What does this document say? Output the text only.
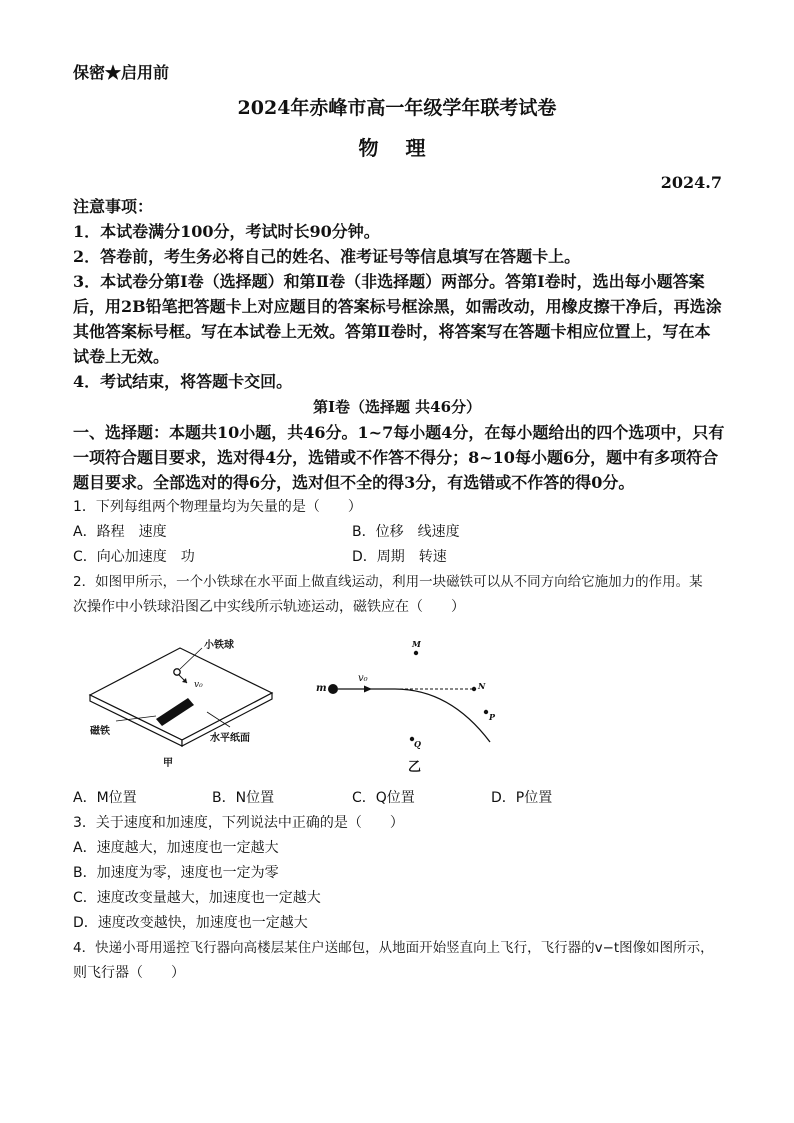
保密★启用前
2024年赤峰市高一年级学年联考试卷
物 理
2024.7
注意事项：
1．本试卷满分100分，考试时长90分钟。
2．答卷前，考生务必将自己的姓名、准考证号等信息填写在答题卡上。
3．本试卷分第Ⅰ卷（选择题）和第Ⅱ卷（非选择题）两部分。答第Ⅰ卷时，选出每小题答案
后，用2B铅笔把答题卡上对应题目的答案标号框涂黑，如需改动，用橡皮擦干净后，再选涂
其他答案标号框。写在本试卷上无效。答第Ⅱ卷时，将答案写在答题卡相应位置上，写在本
试卷上无效。
4．考试结束，将答题卡交回。
第Ⅰ卷（选择题 共46分）
一、选择题：本题共10小题，共46分。1~7每小题4分，在每小题给出的四个选项中，只有
一项符合题目要求，选对得4分，选错或不作答不得分；8~10每小题6分，题中有多项符合
题目要求。全部选对的得6分，选对但不全的得3分，有选错或不作答的得0分。
1．下列每组两个物理量均为矢量的是（　　）
A．路程　速度	B．位移　线速度
C．向心加速度　功	D．周期　转速
2．如图甲所示，一个小铁球在水平面上做直线运动，利用一块磁铁可以从不同方向给它施加力的作用。某
次操作中小铁球沿图乙中实线所示轨迹运动，磁铁应在（　　）
小铁球
v₀
磁铁
水平纸面
甲
m
v₀
M
N
P
Q
乙
A．M位置	B．N位置	C．Q位置	D．P位置
3．关于速度和加速度，下列说法中正确的是（　　）
A．速度越大，加速度也一定越大
B．加速度为零，速度也一定为零
C．速度改变量越大，加速度也一定越大
D．速度改变越快，加速度也一定越大
4．快递小哥用遥控飞行器向高楼层某住户送邮包，从地面开始竖直向上飞行，飞行器的v−t图像如图所示，
则飞行器（　　）
